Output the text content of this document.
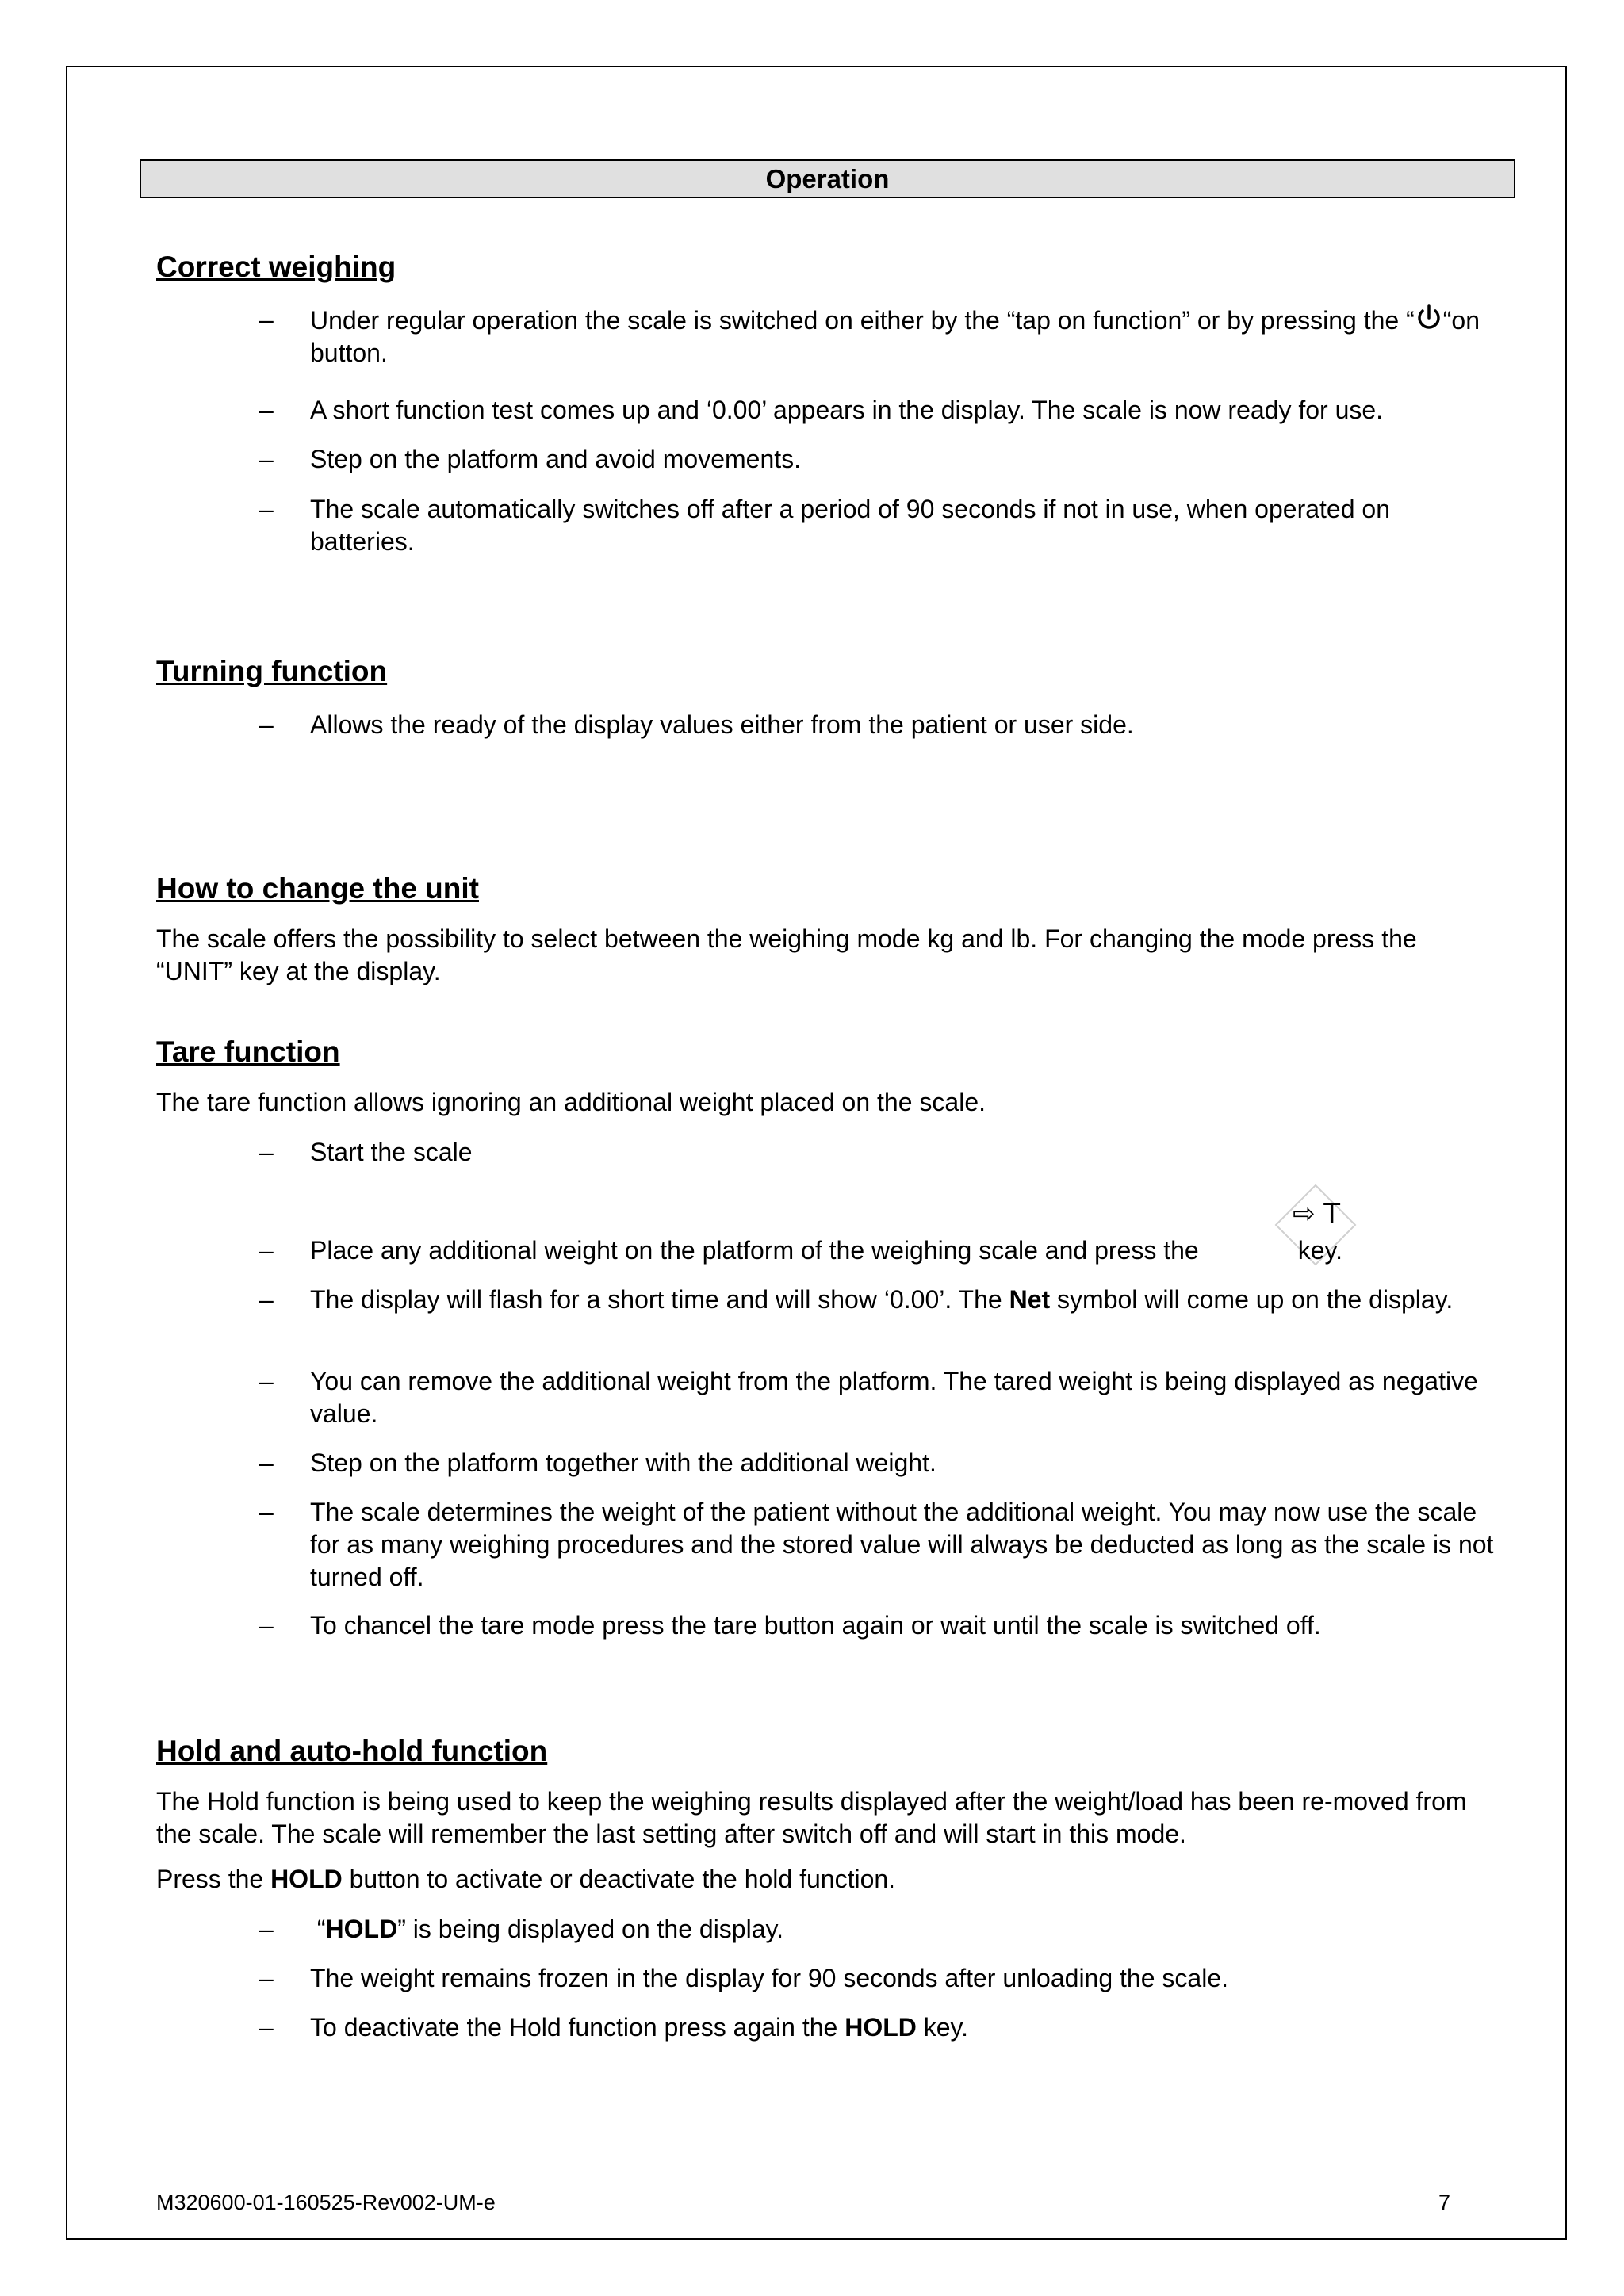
Operation
Correct weighing
– Under regular operation the scale is switched on either by the “tap on function” or by pressing the “ “on button.
– A short function test comes up and ‘0.00’ appears in the display. The scale is now ready for use.
– Step on the platform and avoid movements.
– The scale automatically switches off after a period of 90 seconds if not in use, when operated on batteries.
Turning function
– Allows the ready of the display values either from the patient or user side.
How to change the unit

The scale offers the possibility to select between the weighing mode kg and lb. For changing the mode press the “UNIT” key at the display.

Tare function

The tare function allows ignoring an additional weight placed on the scale.

– Start the scale
⇨ T
– Place any additional weight on the platform of the weighing scale and press the	key.
– The display will flash for a short time and will show ‘0.00’. The Net symbol will come up on the display.
– You can remove the additional weight from the platform. The tared weight is being displayed as negative value.
– Step on the platform together with the additional weight.
– The scale determines the weight of the patient without the additional weight. You may now use the scale for as many weighing procedures and the stored value will always be deducted as long as the scale is not turned off.
– To chancel the tare mode press the tare button again or wait until the scale is switched off.
Hold and auto-hold function

The Hold function is being used to keep the weighing results displayed after the weight/load has been re-moved from the scale. The scale will remember the last setting after switch off and will start in this mode.

Press the HOLD button to activate or deactivate the hold function.

– “HOLD” is being displayed on the display.
– The weight remains frozen in the display for 90 seconds after unloading the scale.
– To deactivate the Hold function press again the HOLD key.
M320600-01-160525-Rev002-UM-e	7
